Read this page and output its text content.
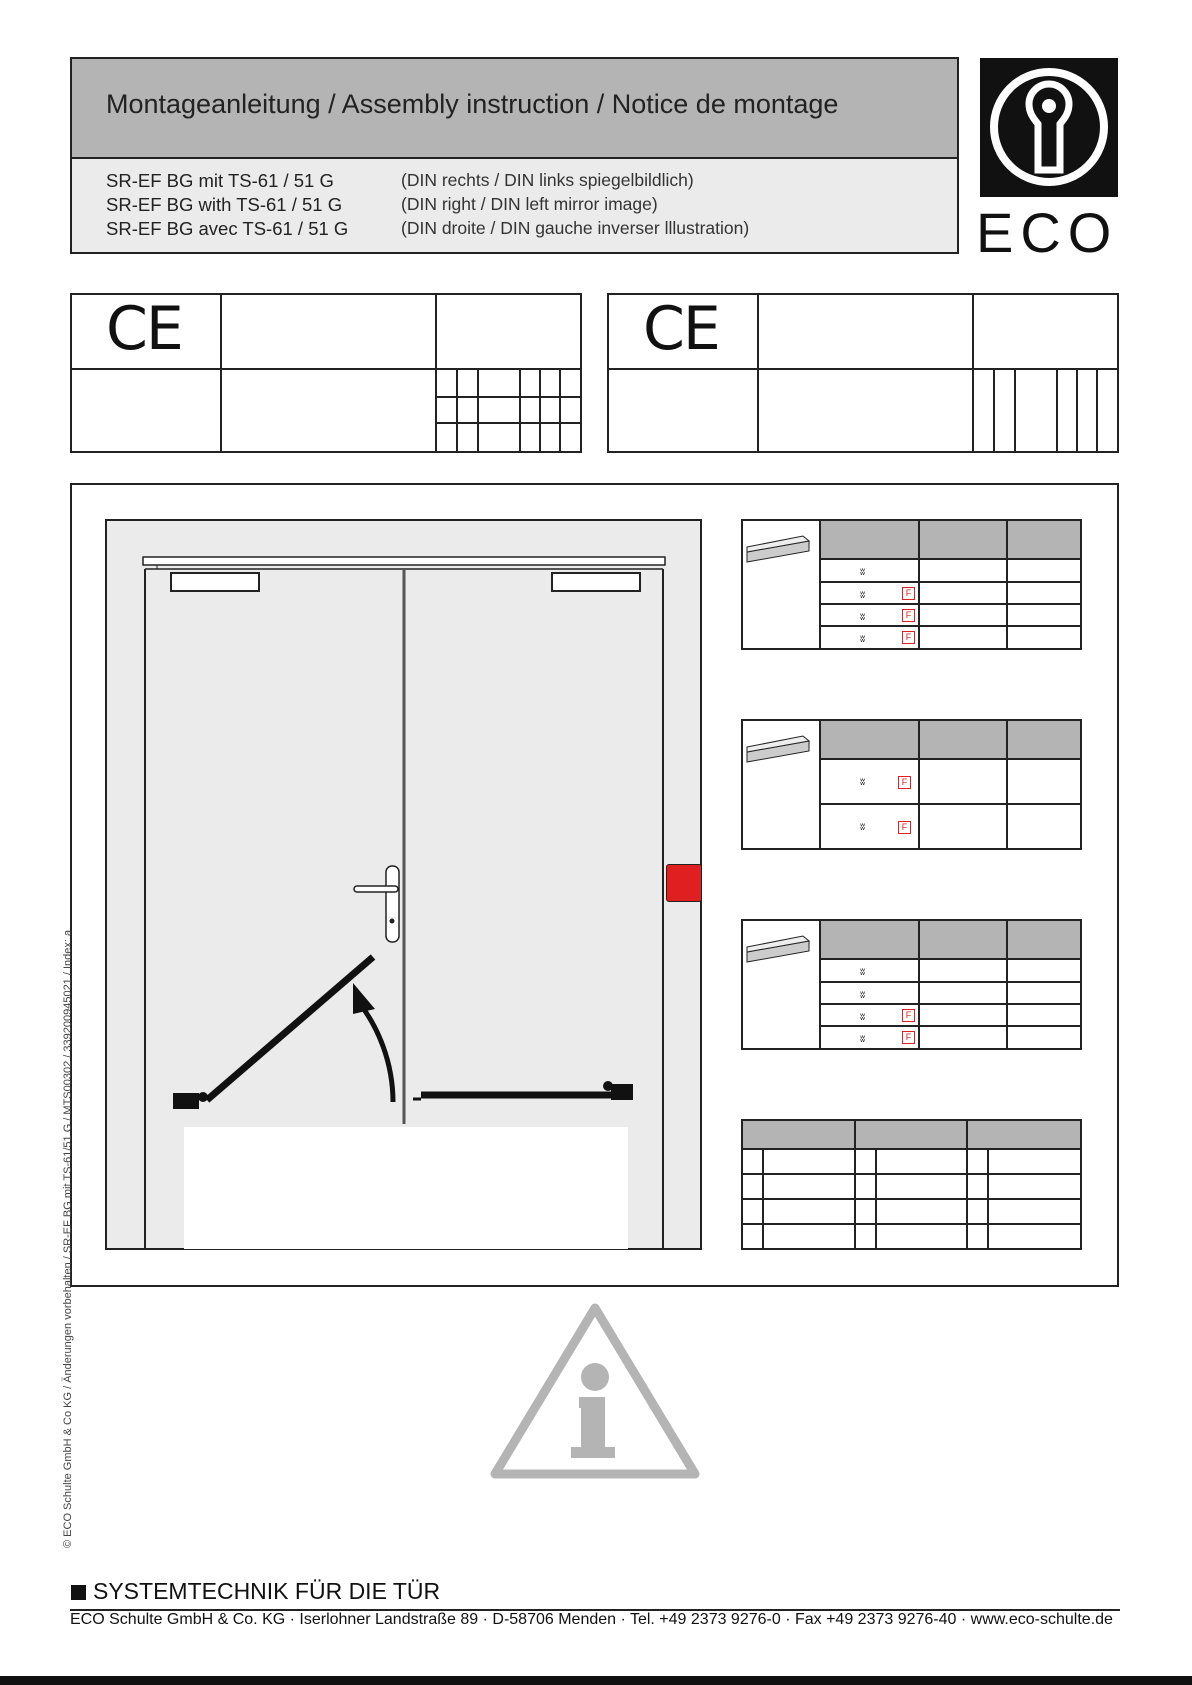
Montageanleitung / Assembly instruction / Notice de montage
SR-EF BG mit TS-61 / 51 G
SR-EF BG with TS-61 / 51 G
SR-EF BG avec TS-61 / 51 G
(DIN rechts / DIN links spiegelbildlich)
(DIN right / DIN left mirror image)
(DIN droite / DIN gauche inverser lllustration)	ECO
CE	CE
ʬ
ʬ
ʬ
ʬ
F
F
F
ʬ
ʬ
F
F
ʬ
ʬ
ʬ
ʬ
F
F
© ECO Schulte GmbH & Co KG / Änderungen vorbehalten / SR-EF BG mit TS-61/51 G / MTS00302 / 339200945021 / Index: a
SYSTEMTECHNIK FÜR DIE TÜR
ECO Schulte GmbH & Co. KG · Iserlohner Landstraße 89 · D-58706 Menden · Tel. +49 2373 9276-0 · Fax +49 2373 9276-40 · www.eco-schulte.de
